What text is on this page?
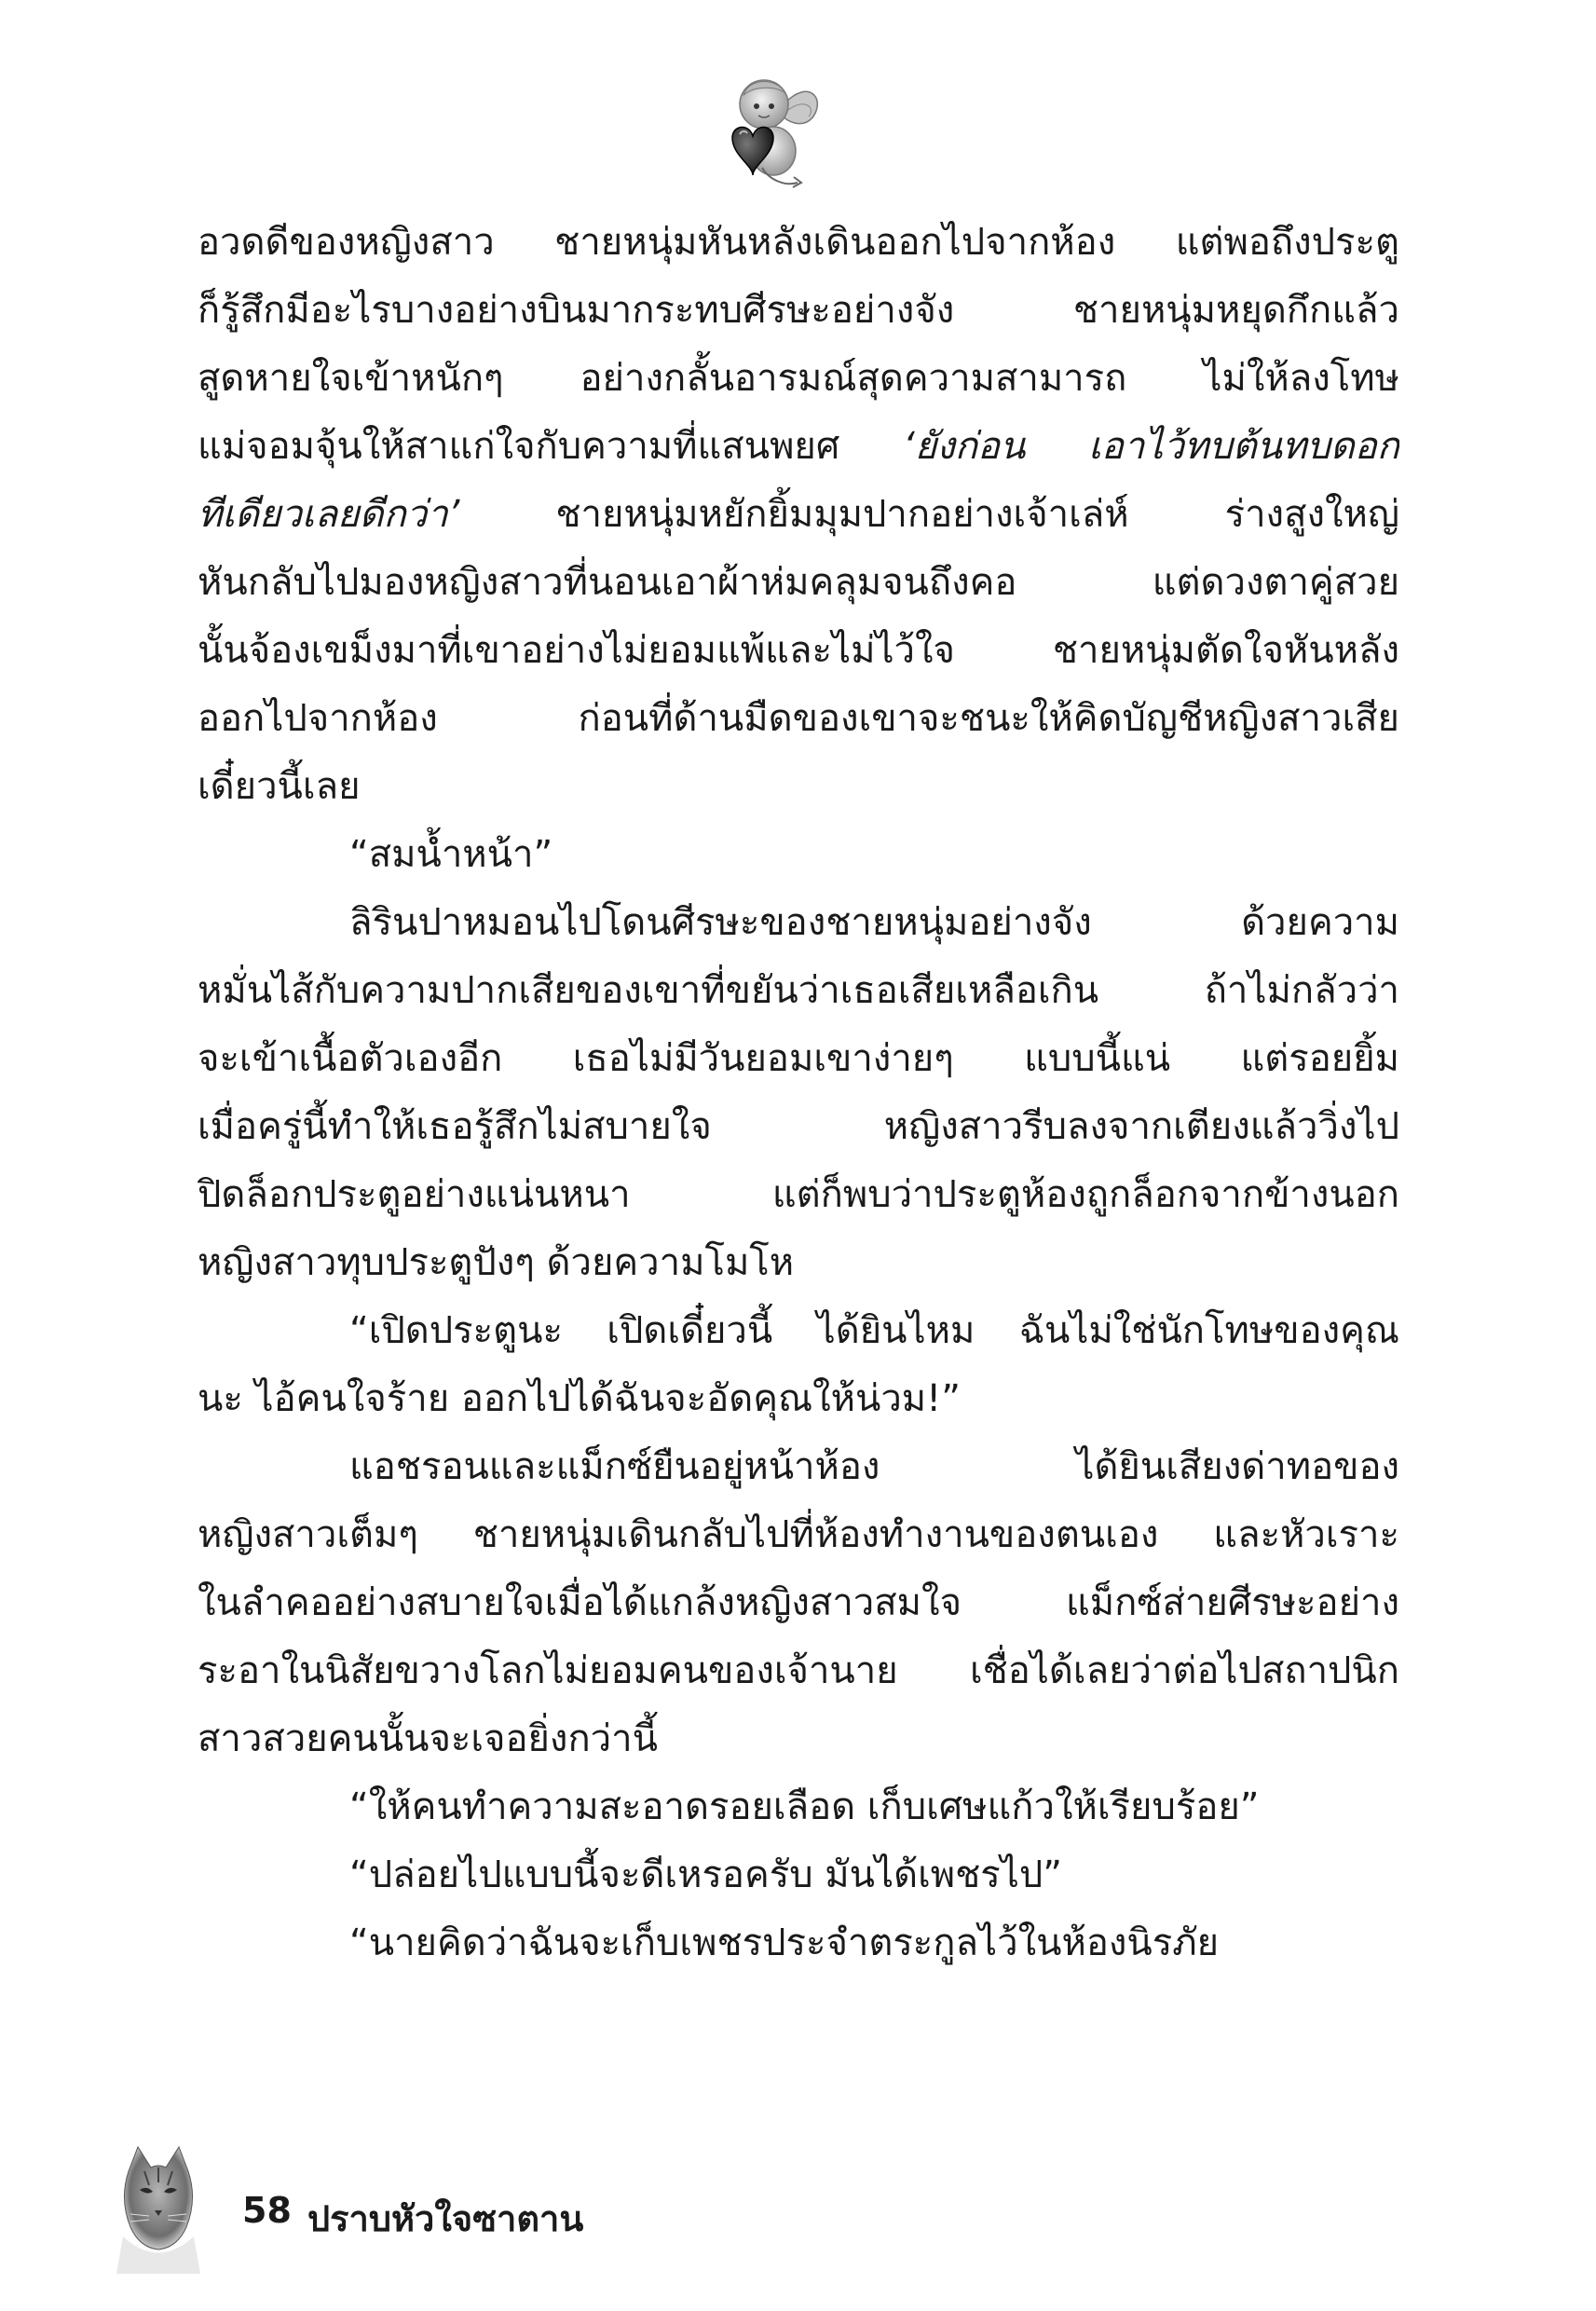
อวดดีของหญิงสาว ชายหนุ่มหันหลังเดินออกไปจากห้อง แต่พอถึงประตู
ก็รู้สึกมีอะไรบางอย่างบินมากระทบศีรษะอย่างจัง ชายหนุ่มหยุดกึกแล้ว
สูดหายใจเข้าหนักๆ อย่างกลั้นอารมณ์สุดความสามารถ ไม่ให้ลงโทษ
แม่จอมจุ้นให้สาแก่ใจกับความที่แสนพยศ ‘ยังก่อน เอาไว้ทบต้นทบดอก
ทีเดียวเลยดีกว่า’	ชายหนุ่มหยักยิ้มมุมปากอย่างเจ้าเล่ห์ ร่างสูงใหญ่
หันกลับไปมองหญิงสาวที่นอนเอาผ้าห่มคลุมจนถึงคอ แต่ดวงตาคู่สวย
นั้นจ้องเขม็งมาที่เขาอย่างไม่ยอมแพ้และไม่ไว้ใจ ชายหนุ่มตัดใจหันหลัง
ออกไปจากห้อง ก่อนที่ด้านมืดของเขาจะชนะให้คิดบัญชีหญิงสาวเสีย
เดี๋ยวนี้เลย
“สมน้ำหน้า”
ลิรินปาหมอนไปโดนศีรษะของชายหนุ่มอย่างจัง ด้วยความ
หมั่นไส้กับความปากเสียของเขาที่ขยันว่าเธอเสียเหลือเกิน ถ้าไม่กลัวว่า
จะเข้าเนื้อตัวเองอีก เธอไม่มีวันยอมเขาง่ายๆ แบบนี้แน่ แต่รอยยิ้ม
เมื่อครู่นี้ทำให้เธอรู้สึกไม่สบายใจ หญิงสาวรีบลงจากเตียงแล้ววิ่งไป
ปิดล็อกประตูอย่างแน่นหนา แต่ก็พบว่าประตูห้องถูกล็อกจากข้างนอก
หญิงสาวทุบประตูปังๆ ด้วยความโมโห
“เปิดประตูนะ เปิดเดี๋ยวนี้ ได้ยินไหม ฉันไม่ใช่นักโทษของคุณ
นะ ไอ้คนใจร้าย ออกไปได้ฉันจะอัดคุณให้น่วม!”
แอชรอนและแม็กซ์ยืนอยู่หน้าห้อง ได้ยินเสียงด่าทอของ
หญิงสาวเต็มๆ ชายหนุ่มเดินกลับไปที่ห้องทำงานของตนเอง และหัวเราะ
ในลำคออย่างสบายใจเมื่อได้แกล้งหญิงสาวสมใจ แม็กซ์ส่ายศีรษะอย่าง
ระอาในนิสัยขวางโลกไม่ยอมคนของเจ้านาย เชื่อได้เลยว่าต่อไปสถาปนิก
สาวสวยคนนั้นจะเจอยิ่งกว่านี้
“ให้คนทำความสะอาดรอยเลือด เก็บเศษแก้วให้เรียบร้อย”
“ปล่อยไปแบบนี้จะดีเหรอครับ มันได้เพชรไป”
“นายคิดว่าฉันจะเก็บเพชรประจำตระกูลไว้ในห้องนิรภัย
58 ปราบหัวใจซาตาน
